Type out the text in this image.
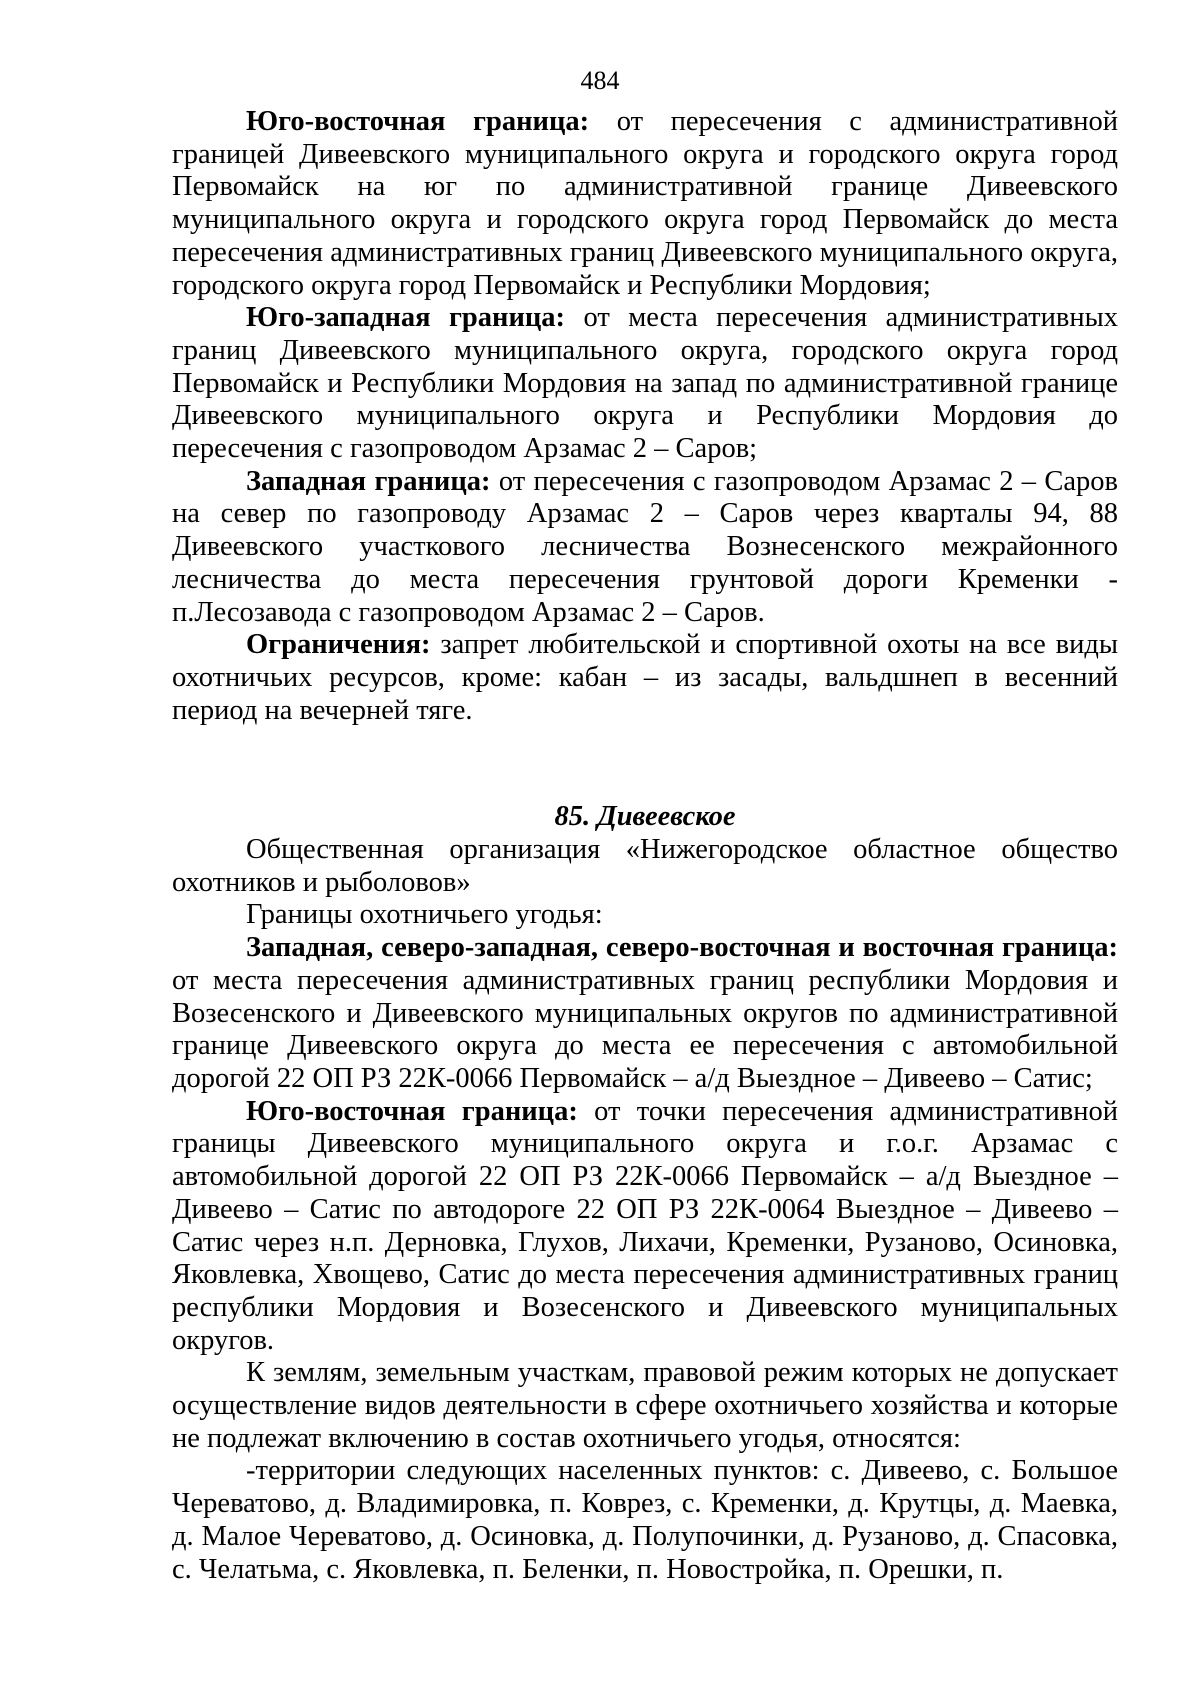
484

Юго-восточная граница: от пересечения с административной границей Дивеевского муниципального округа и городского округа город Первомайск на юг по административной границе Дивеевского муниципального округа и городского округа город Первомайск до места пересечения административных границ Дивеевского муниципального округа, городского округа город Первомайск и Республики Мордовия;

Юго-западная граница: от места пересечения административных границ Дивеевского муниципального округа, городского округа город Первомайск и Республики Мордовия на запад по административной границе Дивеевского муниципального округа и Республики Мордовия до пересечения с газопроводом Арзамас 2 – Саров;

Западная граница: от пересечения с газопроводом Арзамас 2 – Саров на север по газопроводу Арзамас 2 – Саров через кварталы 94, 88 Дивеевского участкового лесничества Вознесенского межрайонного лесничества до места пересечения грунтовой дороги Кременки - п.Лесозавода с газопроводом Арзамас 2 – Саров.

Ограничения: запрет любительской и спортивной охоты на все виды охотничьих ресурсов, кроме: кабан – из засады, вальдшнеп в весенний период на вечерней тяге.

85. Дивеевское

Общественная организация «Нижегородское областное общество охотников и рыболовов»

Границы охотничьего угодья:

Западная, северо-западная, северо-восточная и восточная граница: от места пересечения административных границ республики Мордовия и Возесенского и Дивеевского муниципальных округов по административной границе Дивеевского округа до места ее пересечения с автомобильной дорогой 22 ОП РЗ 22К-0066 Первомайск – а/д Выездное – Дивеево – Сатис;

Юго-восточная граница: от точки пересечения административной границы Дивеевского муниципального округа и г.о.г. Арзамас с автомобильной дорогой 22 ОП РЗ 22К-0066 Первомайск – а/д Выездное – Дивеево – Сатис по автодороге 22 ОП РЗ 22К-0064 Выездное – Дивеево – Сатис через н.п. Дерновка, Глухов, Лихачи, Кременки, Рузаново, Осиновка, Яковлевка, Хвощево, Сатис до места пересечения административных границ республики Мордовия и Возесенского и Дивеевского муниципальных округов.

К землям, земельным участкам, правовой режим которых не допускает осуществление видов деятельности в сфере охотничьего хозяйства и которые не подлежат включению в состав охотничьего угодья, относятся:

-территории следующих населенных пунктов: с. Дивеево, с. Большое Череватово, д. Владимировка, п. Коврез, с. Кременки, д. Крутцы, д. Маевка, д. Малое Череватово, д. Осиновка, д. Полупочинки, д. Рузаново, д. Спасовка, с. Челатьма, с. Яковлевка, п. Беленки, п. Новостройка, п. Орешки, п.
